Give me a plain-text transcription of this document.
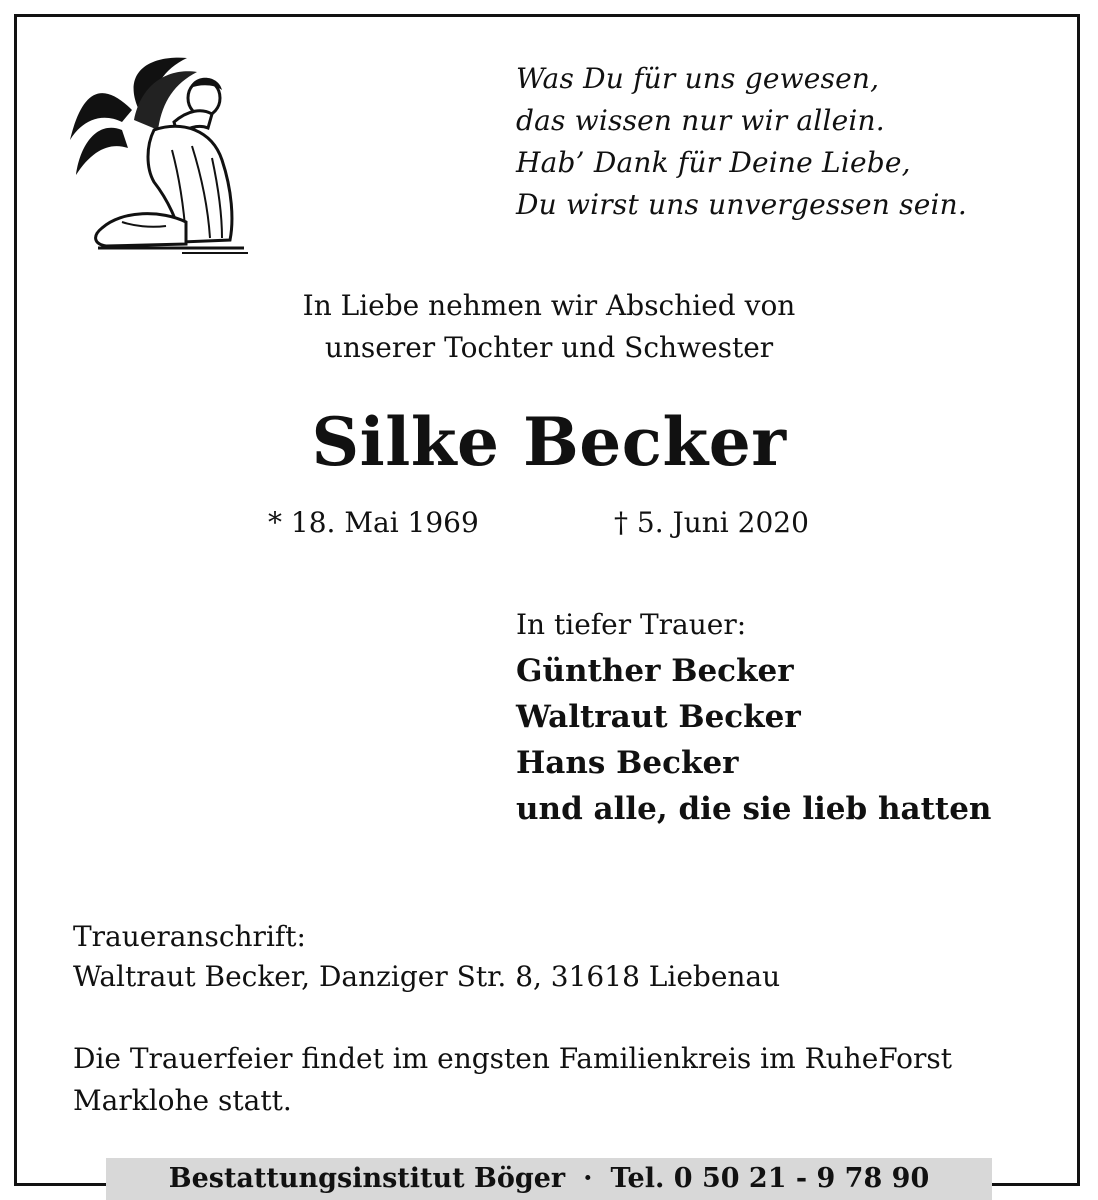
Was Du für uns gewesen,
das wissen nur wir allein.
Hab’ Dank für Deine Liebe,
Du wirst uns unvergessen sein.
In Liebe nehmen wir Abschied von
unserer Tochter und Schwester
Silke Becker
* 18. Mai 1969	† 5. Juni 2020
In tiefer Trauer:
Günther Becker
Waltraut Becker
Hans Becker
und alle, die sie lieb hatten
Traueranschrift:
Waltraut Becker, Danziger Str. 8, 31618 Liebenau
Die Trauerfeier findet im engsten Familienkreis im RuheForst
Marklohe statt.
Bestattungsinstitut Böger · Tel. 0 50 21 - 9 78 90
